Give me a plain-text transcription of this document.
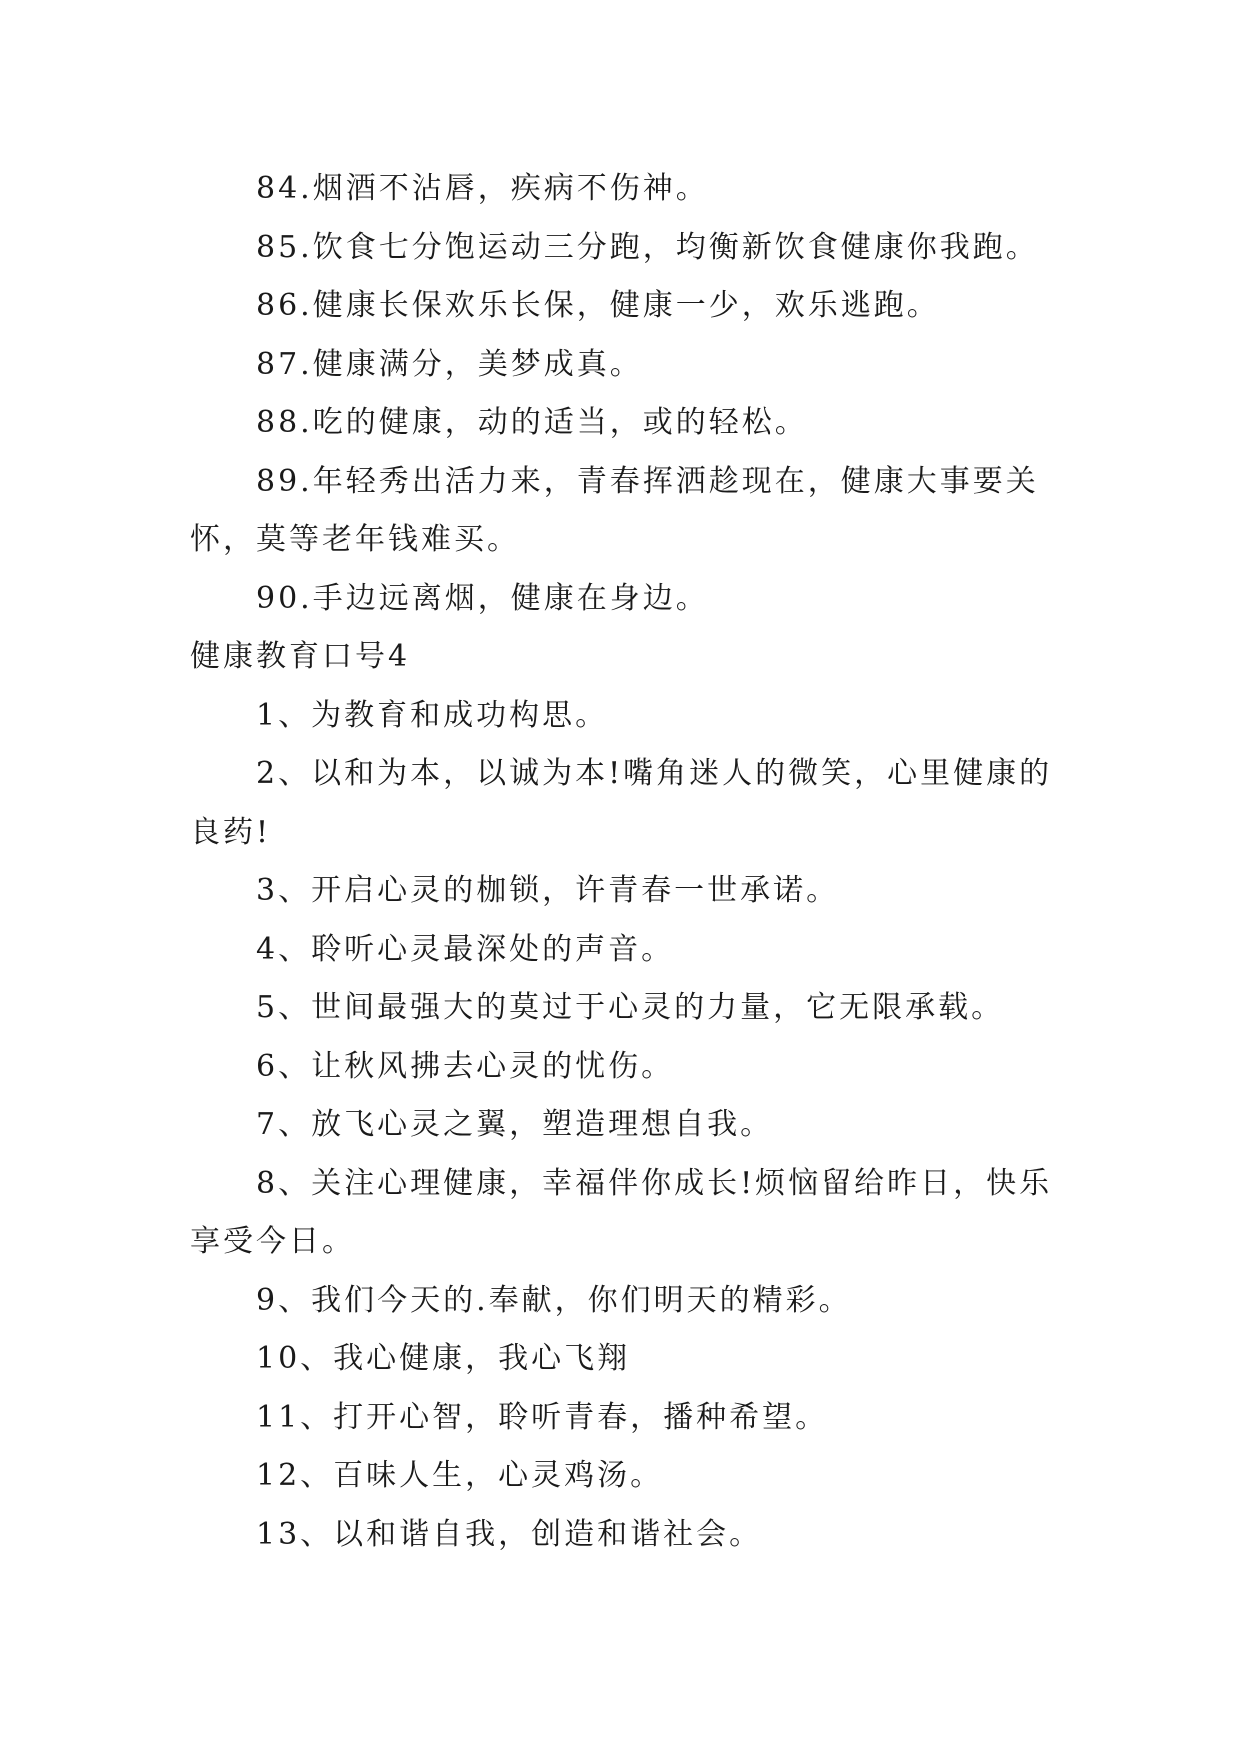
84.烟酒不沾唇，疾病不伤神。
85.饮食七分饱运动三分跑，均衡新饮食健康你我跑。
86.健康长保欢乐长保，健康一少，欢乐逃跑。
87.健康满分，美梦成真。
88.吃的健康，动的适当，或的轻松。
89.年轻秀出活力来，青春挥洒趁现在，健康大事要关
怀，莫等老年钱难买。
90.手边远离烟，健康在身边。
健康教育口号4
1、为教育和成功构思。
2、以和为本，以诚为本!嘴角迷人的微笑，心里健康的
良药!
3、开启心灵的枷锁，许青春一世承诺。
4、聆听心灵最深处的声音。
5、世间最强大的莫过于心灵的力量，它无限承载。
6、让秋风拂去心灵的忧伤。
7、放飞心灵之翼，塑造理想自我。
8、关注心理健康，幸福伴你成长!烦恼留给昨日，快乐
享受今日。
9、我们今天的.奉献，你们明天的精彩。
10、我心健康，我心飞翔
11、打开心智，聆听青春，播种希望。
12、百味人生，心灵鸡汤。
13、以和谐自我，创造和谐社会。
